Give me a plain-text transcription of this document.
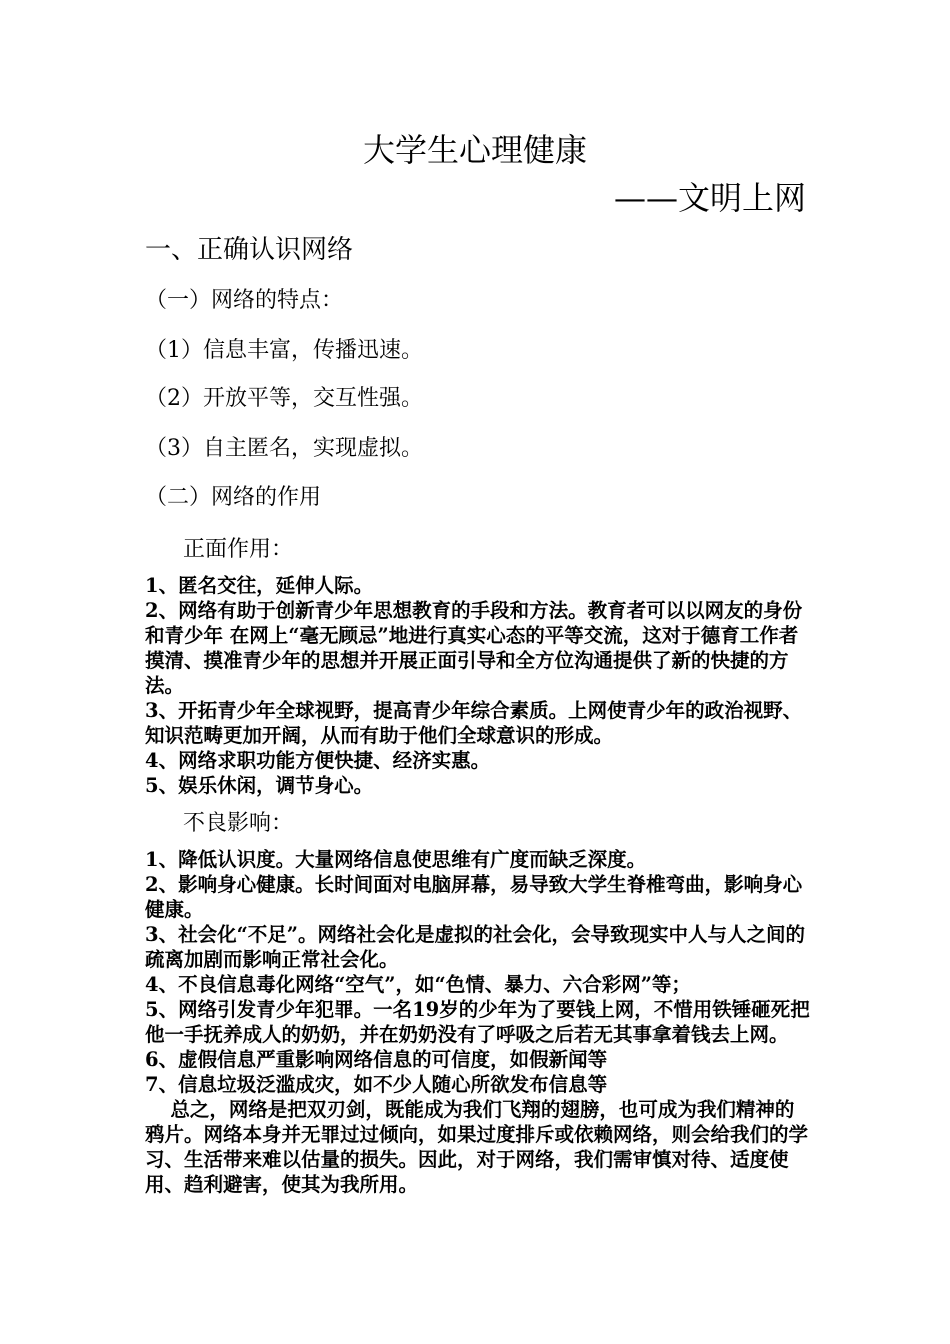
大学生心理健康
——文明上网
一、正确认识网络
（一）网络的特点：
（1）信息丰富，传播迅速。
（2）开放平等，交互性强。
（3）自主匿名，实现虚拟。
（二）网络的作用
正面作用：

1、匿名交往，延伸人际。

2、网络有助于创新青少年思想教育的手段和方法。教育者可以以网友的身份和青少年 在网上“毫无顾忌”地进行真实心态的平等交流，这对于德育工作者摸清、摸准青少年的思想并开展正面引导和全方位沟通提供了新的快捷的方法。

3、开拓青少年全球视野，提高青少年综合素质。上网使青少年的政治视野、知识范畴更加开阔，从而有助于他们全球意识的形成。

4、网络求职功能方便快捷、经济实惠。

5、娱乐休闲，调节身心。

不良影响：

1、降低认识度。大量网络信息使思维有广度而缺乏深度。

2、影响身心健康。长时间面对电脑屏幕，易导致大学生脊椎弯曲，影响身心健康。

3、社会化“不足”。网络社会化是虚拟的社会化，会导致现实中人与人之间的疏离加剧而影响正常社会化。

4、不良信息毒化网络“空气”，如“色情、暴力、六合彩网”等；

5、网络引发青少年犯罪。一名19岁的少年为了要钱上网，不惜用铁锤砸死把他一手抚养成人的奶奶，并在奶奶没有了呼吸之后若无其事拿着钱去上网。

6、虚假信息严重影响网络信息的可信度，如假新闻等

7、信息垃圾泛滥成灾，如不少人随心所欲发布信息等

总之，网络是把双刃剑，既能成为我们飞翔的翅膀，也可成为我们精神的鸦片。网络本身并无罪过过倾向，如果过度排斥或依赖网络，则会给我们的学习、生活带来难以估量的损失。因此，对于网络，我们需审慎对待、适度使用、趋利避害，使其为我所用。
